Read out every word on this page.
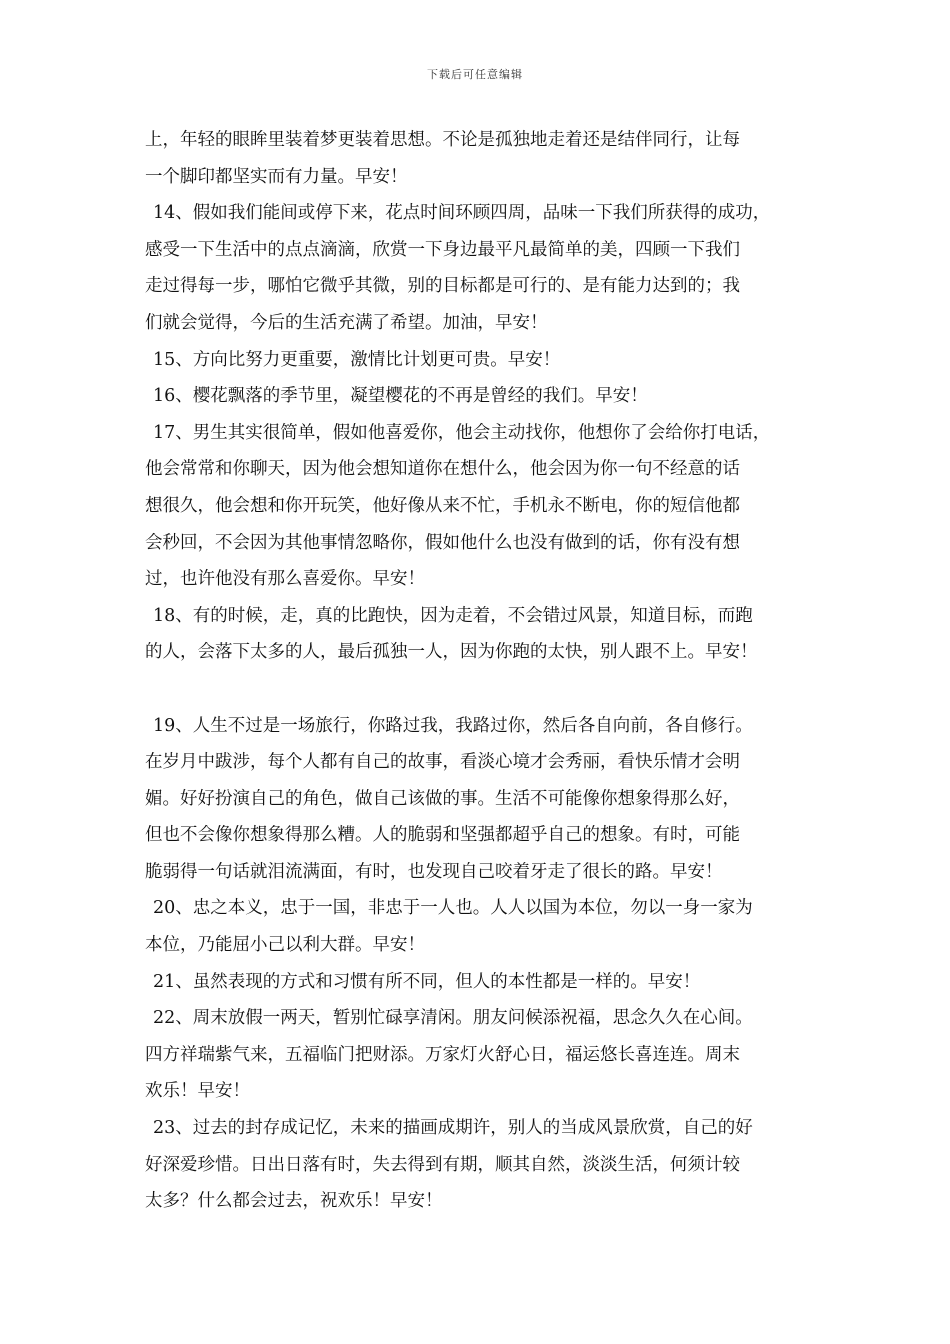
下载后可任意编辑
上，年轻的眼眸里装着梦更装着思想。不论是孤独地走着还是结伴同行，让每
一个脚印都坚实而有力量。早安！
14、假如我们能间或停下来，花点时间环顾四周，品味一下我们所获得的成功，
感受一下生活中的点点滴滴，欣赏一下身边最平凡最简单的美，四顾一下我们
走过得每一步，哪怕它微乎其微，别的目标都是可行的、是有能力达到的；我
们就会觉得，今后的生活充满了希望。加油，早安！
15、方向比努力更重要，激情比计划更可贵。早安！
16、樱花飘落的季节里，凝望樱花的不再是曾经的我们。早安！
17、男生其实很简单，假如他喜爱你，他会主动找你，他想你了会给你打电话，
他会常常和你聊天，因为他会想知道你在想什么，他会因为你一句不经意的话
想很久，他会想和你开玩笑，他好像从来不忙，手机永不断电，你的短信他都
会秒回，不会因为其他事情忽略你，假如他什么也没有做到的话，你有没有想
过，也许他没有那么喜爱你。早安！
18、有的时候，走，真的比跑快，因为走着，不会错过风景，知道目标，而跑
的人，会落下太多的人，最后孤独一人，因为你跑的太快，别人跟不上。早安！
19、人生不过是一场旅行，你路过我，我路过你，然后各自向前，各自修行。
在岁月中跋涉，每个人都有自己的故事，看淡心境才会秀丽，看快乐情才会明
媚。好好扮演自己的角色，做自己该做的事。生活不可能像你想象得那么好，
但也不会像你想象得那么糟。人的脆弱和坚强都超乎自己的想象。有时，可能
脆弱得一句话就泪流满面，有时，也发现自己咬着牙走了很长的路。早安！
20、忠之本义，忠于一国，非忠于一人也。人人以国为本位，勿以一身一家为
本位，乃能屈小己以利大群。早安！
21、虽然表现的方式和习惯有所不同，但人的本性都是一样的。早安！
22、周末放假一两天，暂别忙碌享清闲。朋友问候添祝福，思念久久在心间。
四方祥瑞紫气来，五福临门把财添。万家灯火舒心日，福运悠长喜连连。周末
欢乐！早安！
23、过去的封存成记忆，未来的描画成期许，别人的当成风景欣赏，自己的好
好深爱珍惜。日出日落有时，失去得到有期，顺其自然，淡淡生活，何须计较
太多？什么都会过去，祝欢乐！早安！
